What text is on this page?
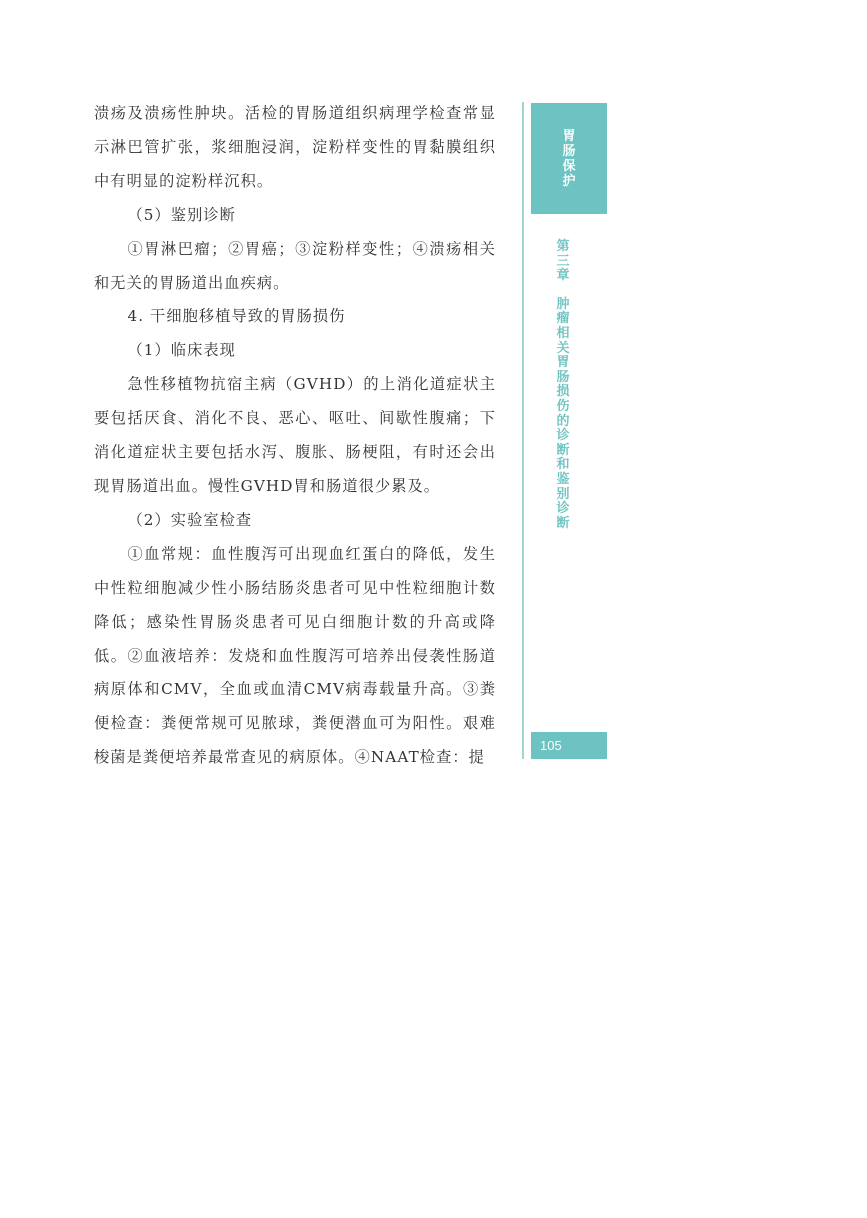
溃疡及溃疡性肿块。活检的胃肠道组织病理学检查常显示淋巴管扩张，浆细胞浸润，淀粉样变性的胃黏膜组织中有明显的淀粉样沉积。

（5）鉴别诊断

①胃淋巴瘤；②胃癌；③淀粉样变性；④溃疡相关和无关的胃肠道出血疾病。

4. 干细胞移植导致的胃肠损伤

（1）临床表现

急性移植物抗宿主病（GVHD）的上消化道症状主要包括厌食、消化不良、恶心、呕吐、间歇性腹痛；下消化道症状主要包括水泻、腹胀、肠梗阻，有时还会出现胃肠道出血。慢性GVHD胃和肠道很少累及。

（2）实验室检查

①血常规：血性腹泻可出现血红蛋白的降低，发生中性粒细胞减少性小肠结肠炎患者可见中性粒细胞计数降低；感染性胃肠炎患者可见白细胞计数的升高或降低。②血液培养：发烧和血性腹泻可培养出侵袭性肠道病原体和CMV，全血或血清CMV病毒载量升高。③粪便检查：粪便常规可见脓球，粪便潜血可为阳性。艰难梭菌是粪便培养最常查见的病原体。④NAAT检查：提

胃肠保护
第三章
肿瘤相关胃肠损伤的诊断和鉴别诊断
105
